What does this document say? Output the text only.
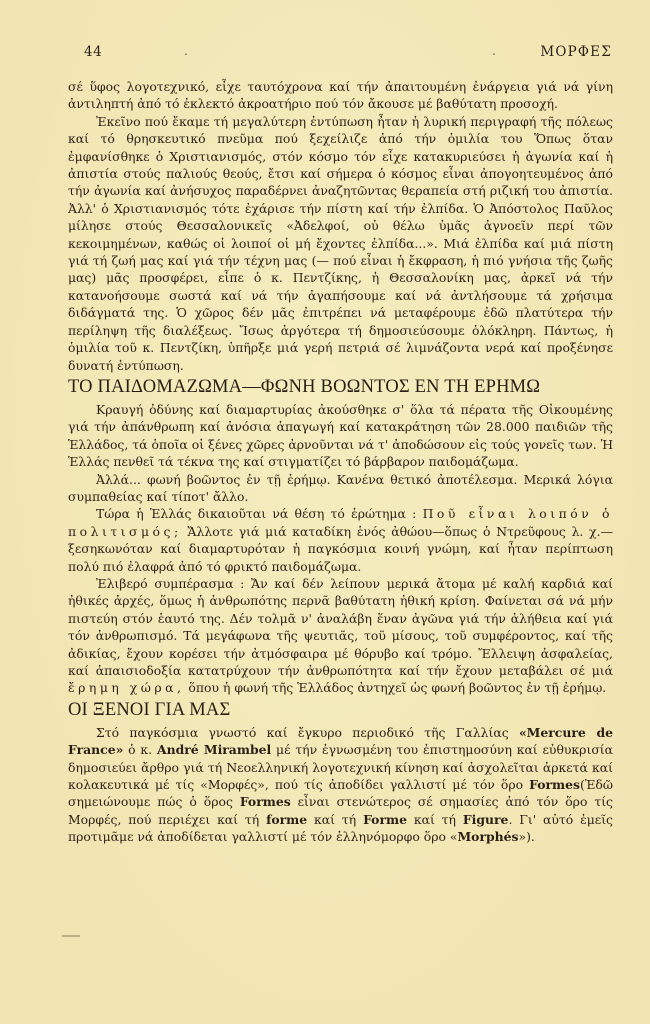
44	.	.	ΜΟΡΦΕΣ

σέ ὕφος λογοτεχνικό, εἶχε ταυτόχρονα καί τήν ἀπαιτουμένη ἐνάργεια γιά νά γίνη ἀντιληπτή ἀπό τό ἐκλεκτό ἀκροατήριο πού τόν ἄκουσε μέ βαθύτατη προσοχή.

Ἐκεῖνο πού ἔκαμε τή μεγαλύτερη ἐντύπωση ἦταν ἡ λυρική περιγραφή τῆς πόλεως καί τό θρησκευτικό πνεῦμα πού ξεχείλιζε ἀπό τήν ὁμιλία του Ὅπως ὅταν ἐμφανίσθηκε ὁ Χριστιανισμός, στόν κόσμο τόν εἶχε κατακυριεύσει ἡ ἀγωνία καί ἡ ἀπιστία στούς παλιούς θεούς, ἔτσι καί σήμερα ὁ κόσμος εἶναι ἀπογοητευμένος ἀπό τήν ἀγωνία καί ἀνήσυχος παραδέρνει ἀναζητῶντας θεραπεία στή ριζική του ἀπιστία. Ἀλλ' ὁ Χριστιανισμός τότε ἐχάρισε τήν πίστη καί τήν ἐλπίδα. Ὁ Ἀπόστολος Παῦλος μίλησε στούς Θεσσαλονικεῖς «Ἀδελφοί, οὐ θέλω ὑμᾶς ἀγνοεῖν περί τῶν κεκοιμημένων, καθώς οἱ λοιποί οἱ μή ἔχοντες ἐλπίδα...». Μιά ἐλπίδα καί μιά πίστη γιά τή ζωή μας καί γιά τήν τέχνη μας (— πού εἶναι ἡ ἔκφραση, ἡ πιό γνήσια τῆς ζωῆς μας) μᾶς προσφέρει, εἶπε ὁ κ. Πεντζίκης, ἡ Θεσσαλονίκη μας, ἀρκεῖ νά τήν κατανοήσουμε σωστά καί νά τήν ἀγαπήσουμε καί νά ἀντλήσουμε τά χρήσιμα διδάγματά της. Ὁ χῶρος δέν μᾶς ἐπιτρέπει νά μεταφέρουμε ἐδῶ πλατύτερα τήν περίληψη τῆς διαλέξεως. Ἴσως ἀργότερα τή δημοσιεύσουμε ὁλόκληρη. Πάντως, ἡ ὁμιλία τοῦ κ. Πεντζίκη, ὑπῆρξε μιά γερή πετριά σέ λιμνάζοντα νερά καί προξένησε δυνατή ἐντύπωση.

ΤΟ ΠΑΙΔΟΜΑΖΩΜΑ—ΦΩΝΗ ΒΟΩΝΤΟΣ ΕΝ ΤΗ ΕΡΗΜΩ

Κραυγή ὀδύνης καί διαμαρτυρίας ἀκούσθηκε σ' ὅλα τά πέρατα τῆς Οἰκουμένης γιά τήν ἀπάνθρωπη καί ἀνόσια ἀπαγωγή καί κατακράτηση τῶν 28.000 παιδιῶν τῆς Ἑλλάδος, τά ὁποῖα οἱ ξένες χῶρες ἀρνοῦνται νά τ' ἀποδώσουν εἰς τούς γονεῖς των. Ἡ Ἑλλάς πενθεῖ τά τέκνα της καί στιγματίζει τό βάρβαρον παιδομάζωμα.

Ἀλλά... φωνή βοῶντος ἐν τῇ ἐρήμῳ. Κανένα θετικό ἀποτέλεσμα. Μερικά λόγια συμπαθείας καί τίποτ' ἄλλο.

Τώρα ἡ Ἑλλάς δικαιοῦται νά θέση τό ἐρώτημα : Ποῦ εἶναι λοιπόν ὁ πολιτισμός; Ἄλλοτε γιά μιά καταδίκη ἑνός ἀθώου—ὅπως ὁ Ντρεῦφους λ. χ.—ξεσηκωνόταν καί διαμαρτυρόταν ἡ παγκόσμια κοινή γνώμη, καί ἦταν περίπτωση πολύ πιό ἐλαφρά ἀπό τό φρικτό παιδομάζωμα.

Ἐλιβερό συμπέρασμα : Ἄν καί δέν λείπουν μερικά ἄτομα μέ καλή καρδιά καί ἠθικές ἀρχές, ὅμως ἡ ἀνθρωπότης περνᾶ βαθύτατη ἠθική κρίση. Φαίνεται σά νά μήν πιστεύη στόν ἑαυτό της. Δέν τολμᾶ ν' ἀναλάβη ἕναν ἀγῶνα γιά τήν ἀλήθεια καί γιά τόν ἀνθρωπισμό. Τά μεγάφωνα τῆς ψευτιᾶς, τοῦ μίσους, τοῦ συμφέροντος, καί τῆς ἀδικίας, ἔχουν κορέσει τήν ἀτμόσφαιρα μέ θόρυβο καί τρόμο. Ἔλλειψη ἀσφαλείας, καί ἀπαισιοδοξία κατατρύχουν τήν ἀνθρωπότητα καί τήν ἔχουν μεταβάλει σέ μιά ἔρημη χώρα, ὅπου ἡ φωνή τῆς Ἑλλάδος ἀντηχεῖ ὡς φωνή βοῶντος ἐν τῇ ἐρήμῳ.

ΟΙ ΞΕΝΟΙ ΓΙΑ ΜΑΣ

Στό παγκόσμια γνωστό καί ἔγκυρο περιοδικό τῆς Γαλλίας «Mercure de France» ὁ κ. André Mirambel μέ τήν ἐγνωσμένη του ἐπιστημοσύνη καί εὐθυκρισία δημοσιεύει ἄρθρο γιά τή Νεοελληνική λογοτεχνική κίνηση καί ἀσχολεῖται ἀρκετά καί κολακευτικά μέ τίς «Μορφές», πού τίς ἀποδίδει γαλλιστί μέ τόν ὅρο Formes(Ἐδῶ σημειώνουμε πώς ὁ ὅρος Formes εἶναι στενώτερος σέ σημασίες ἀπό τόν ὅρο τίς Μορφές, πού περιέχει καί τή forme καί τή Forme καί τή Figure. Γι' αὐτό ἐμεῖς προτιμᾶμε νά ἀποδίδεται γαλλιστί μέ τόν ἑλληνόμορφο ὅρο «Morphés»).
